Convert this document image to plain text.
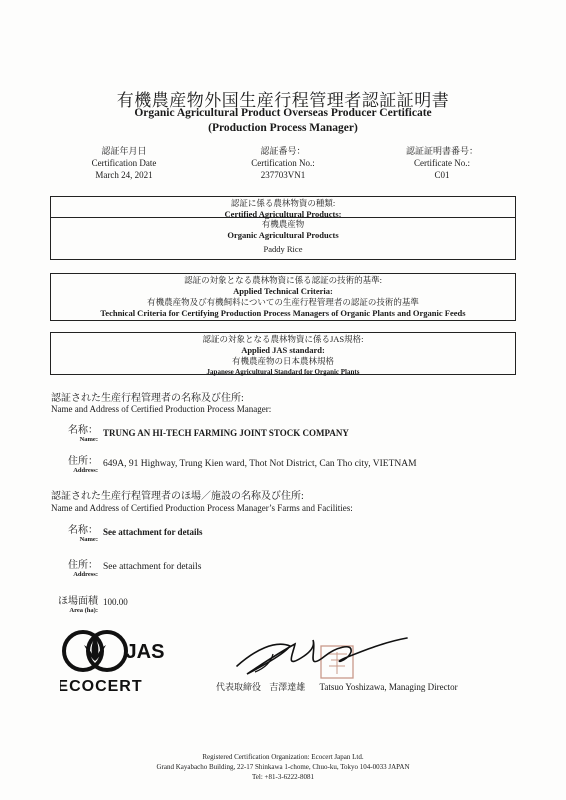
有機農産物外国生産行程管理者認証証明書
Organic Agricultural Product Overseas Producer Certificate
(Production Process Manager)
認証年月日
Certification Date
March 24, 2021
認証番号：
Certification No.:
237703VN1
認証証明書番号：
Certificate No.:
C01
認証に係る農林物資の種類:
Certified Agricultural Products:
有機農産物
Organic Agricultural Products
Paddy Rice
認証の対象となる農林物資に係る認証の技術的基準:
Applied Technical Criteria:
有機農産物及び有機飼料についての生産行程管理者の認証の技術的基準
Technical Criteria for Certifying Production Process Managers of Organic Plants and Organic Feeds
認証の対象となる農林物資に係るJAS規格:
Applied JAS standard:
有機農産物の日本農林規格
Japanese Agricultural Standard for Organic Plants
認証された生産行程管理者の名称及び住所:
Name and Address of Certified Production Process Manager:
名称：
Name:
TRUNG AN HI-TECH FARMING JOINT STOCK COMPANY
住所：
Address:
649A, 91 Highway, Trung Kien ward, Thot Not District, Can Tho city, VIETNAM
認証された生産行程管理者のほ場／施設の名称及び住所:
Name and Address of Certified Production Process Manager’s Farms and Facilities:
名称：
Name:
See attachment for details
住所：
Address:
See attachment for details
ほ場面積
Area (ha):
100.00
JAS
ECOCERT	代表取締役 吉澤達雄 Tatsuo Yoshizawa, Managing Director
Registered Certification Organization: Ecocert Japan Ltd.
Grand Kayabacho Building, 22-17 Shinkawa 1-chome, Chuo-ku, Tokyo 104-0033 JAPAN
Tel: +81-3-6222-8081
